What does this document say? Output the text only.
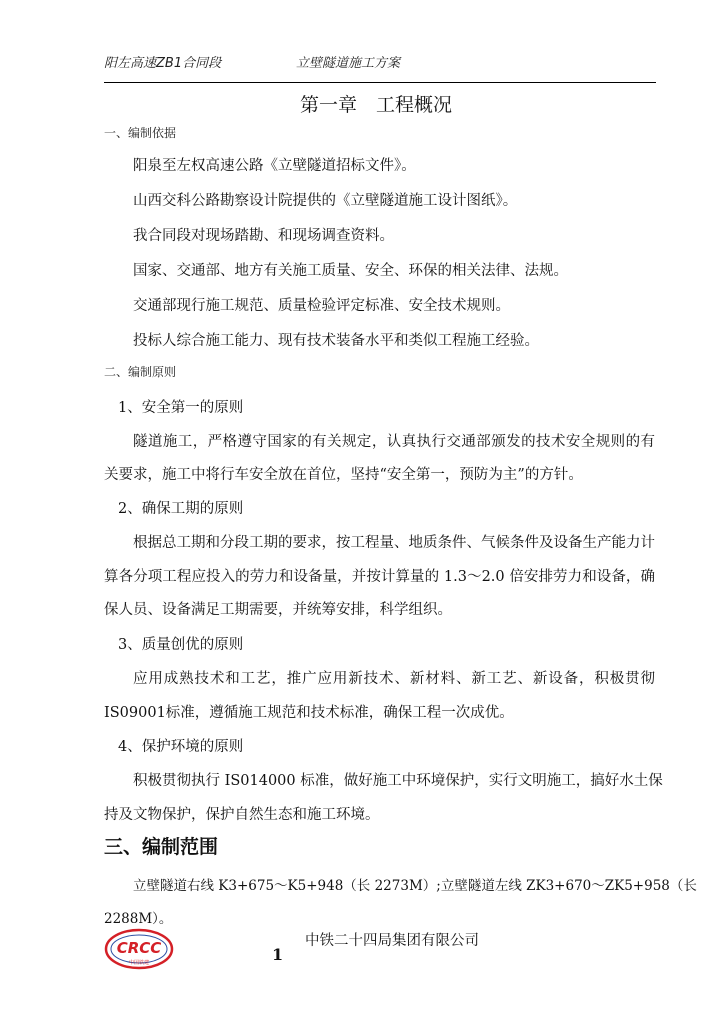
阳左高速ZB1合同段	立壁隧道施工方案
第一章　工程概况
一、编制依据
阳泉至左权高速公路《立壁隧道招标文件》。
山西交科公路勘察设计院提供的《立壁隧道施工设计图纸》。
我合同段对现场踏勘、和现场调查资料。
国家、交通部、地方有关施工质量、安全、环保的相关法律、法规。
交通部现行施工规范、质量检验评定标准、安全技术规则。
投标人综合施工能力、现有技术装备水平和类似工程施工经验。
二、编制原则
1、安全第一的原则
隧道施工，严格遵守国家的有关规定，认真执行交通部颁发的技术安全规则的有
关要求，施工中将行车安全放在首位，坚持“安全第一，预防为主”的方针。
2、确保工期的原则
根据总工期和分段工期的要求，按工程量、地质条件、气候条件及设备生产能力计
算各分项工程应投入的劳力和设备量，并按计算量的 1.3～2.0 倍安排劳力和设备，确
保人员、设备满足工期需要，并统筹安排，科学组织。
3、质量创优的原则
应用成熟技术和工艺，推广应用新技术、新材料、新工艺、新设备，积极贯彻
IS09001标准，遵循施工规范和技术标准，确保工程一次成优。
4、保护环境的原则
积极贯彻执行 IS014000 标准，做好施工中环境保护，实行文明施工，搞好水土保
持及文物保护，保护自然生态和施工环境。
三、编制范围
立壁隧道右线 K3+675～K5+948（长 2273M）;立壁隧道左线 ZK3+670～ZK5+958（长
2288M）。
CRCC
中国铁建
中铁二十四局集团有限公司
1
